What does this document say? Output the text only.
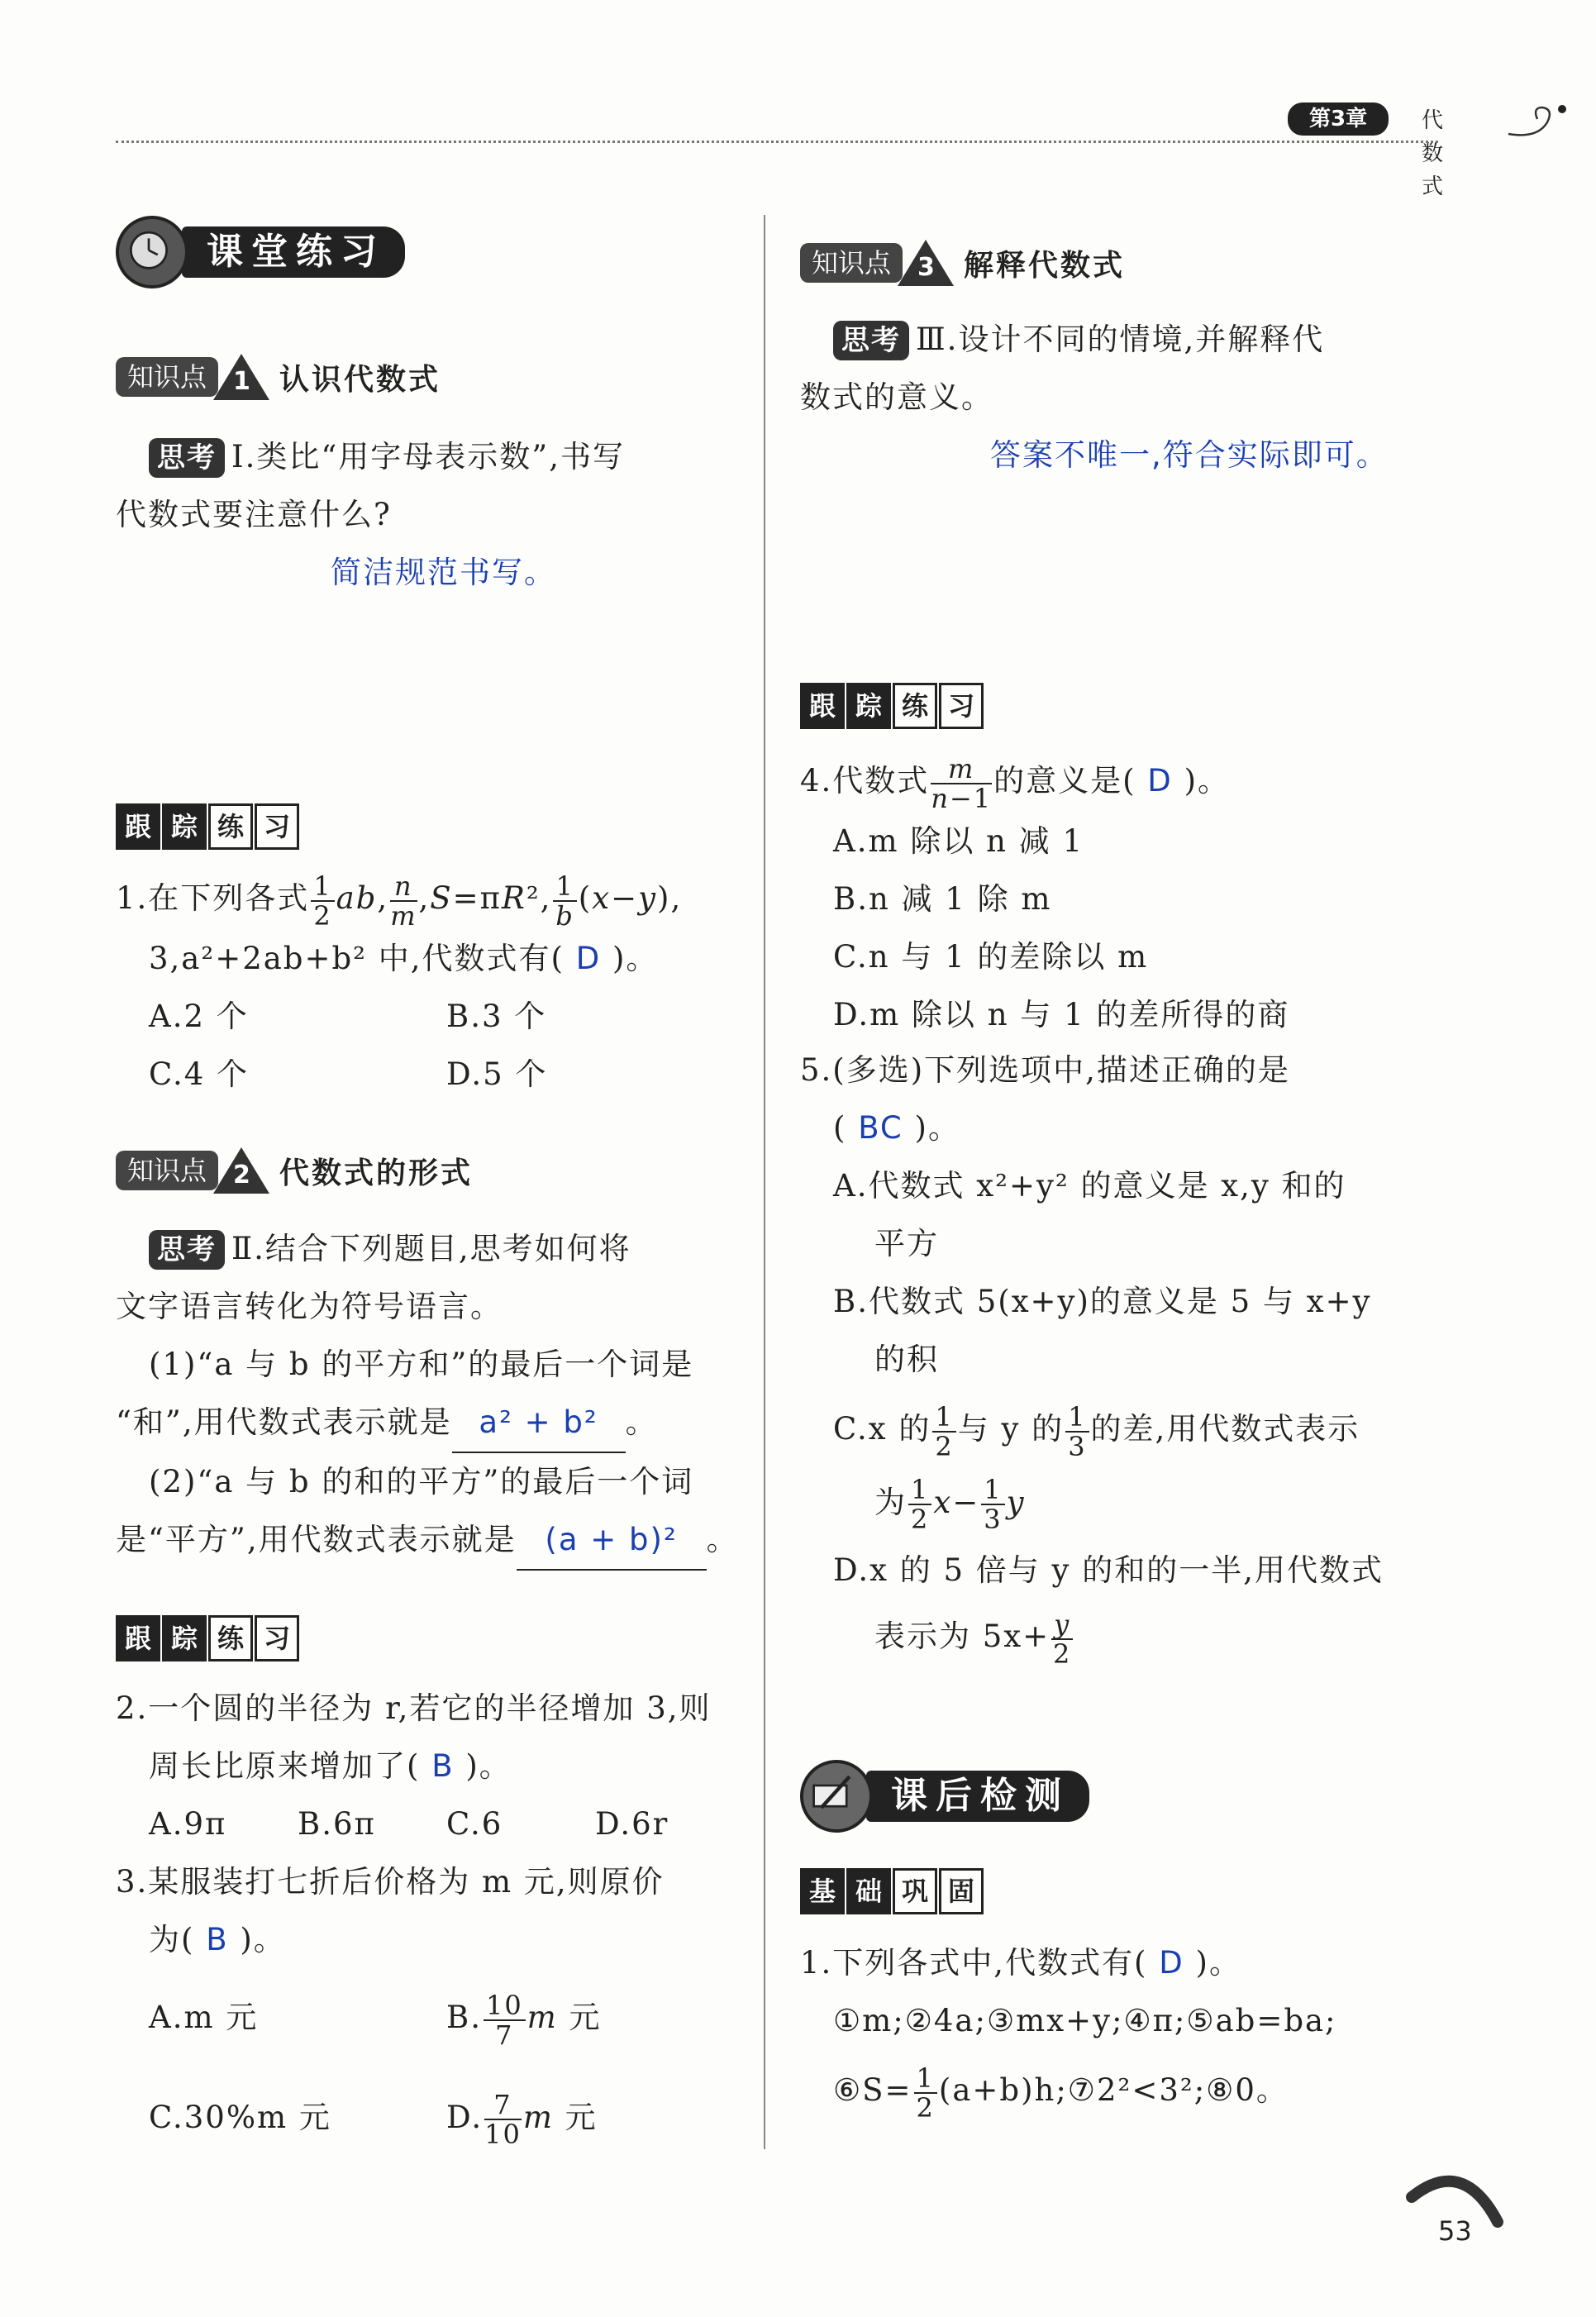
第3章	代数式
课堂练习
知识点	1 认识代数式
思考 Ⅰ.类比“用字母表示数”,书写
代数式要注意什么?
简洁规范书写。
跟 踪 练 习
1.在下列各式 $\frac{1}{2}$ ab, $\frac{n}{m} ,S=\pi R^2$, $\frac{1}{b} (x-y)$,
3,a²+2ab+b² 中,代数式有( D )。
A.2 个	B.3 个
C.4 个	D.5 个
知识点	2 代数式的形式
思考 Ⅱ.结合下列题目,思考如何将
文字语言转化为符号语言。
(1)“a 与 b 的平方和”的最后一个词是
“和”,用代数式表示就是 a² + b² 。
(2)“a 与 b 的和的平方”的最后一个词
是“平方”,用代数式表示就是 (a + b)² 。
跟 踪 练 习
2.一个圆的半径为 r,若它的半径增加 3,则
周长比原来增加了( B )。
A.9π	B.6π	C.6	D.6r
3.某服装打七折后价格为 m 元,则原价
为( B )。
A.m 元	B. $\frac{10}{7}$ m 元
C.30%m 元	D. $\frac{7}{10}$ m 元
知识点	3 解释代数式
思考 Ⅲ.设计不同的情境,并解释代
数式的意义。
答案不唯一,符合实际即可。
跟 踪 练 习
4.代数式 $\frac{m}{n-1}$ 的意义是( D )。
A.m 除以 n 减 1
B.n 减 1 除 m
C.n 与 1 的差除以 m
D.m 除以 n 与 1 的差所得的商
5.(多选)下列选项中,描述正确的是
( BC )。
A.代数式 x²+y² 的意义是 x,y 和的
平方
B.代数式 5(x+y)的意义是 5 与 x+y
的积
C.x 的 $\frac{1}{2}$ 与 y 的 $\frac{1}{3}$ 的差,用代数式表示
为 $\frac{1}{2} x- \frac{1}{3}$ y
D.x 的 5 倍与 y 的和的一半,用代数式
表示为 $5x+ \frac{y}{2}$
课后检测
基 础 巩 固
1.下列各式中,代数式有( D )。
①m;②4a;③mx+y;④π;⑤ab=ba;
⑥S= $\frac{1}{2}$ (a+b)h;⑦2²<3²;⑧0。
53
